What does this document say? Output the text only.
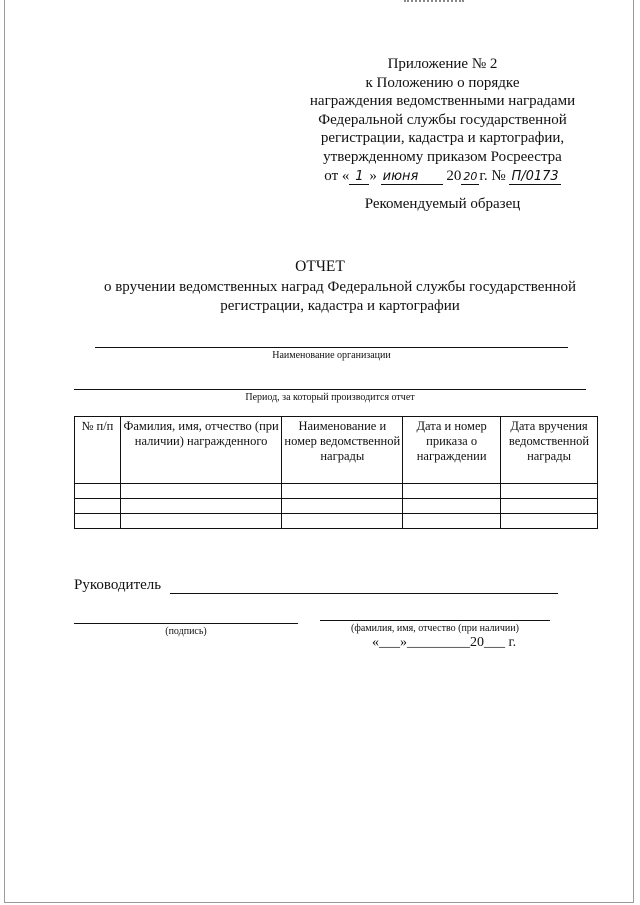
Приложение № 2
к Положению о порядке
награждения ведомственными наградами
Федеральной службы государственной
регистрации, кадастра и картографии,
утвержденному приказом Росреестра
от « 1 » июня 20 20 г. № П/0173
Рекомендуемый образец
ОТЧЕТ
о вручении ведомственных наград Федеральной службы государственной
регистрации, кадастра и картографии
Наименование организации
Период, за который производится отчет
№ п/п	Фамилия, имя, отчество (при наличии) награжденного	Наименование и номер ведомственной награды	Дата и номер приказа о награждении	Дата вручения ведомственной награды

Руководитель
(подпись)	(фамилия, имя, отчество (при наличии)
«___»_________20___ г.
